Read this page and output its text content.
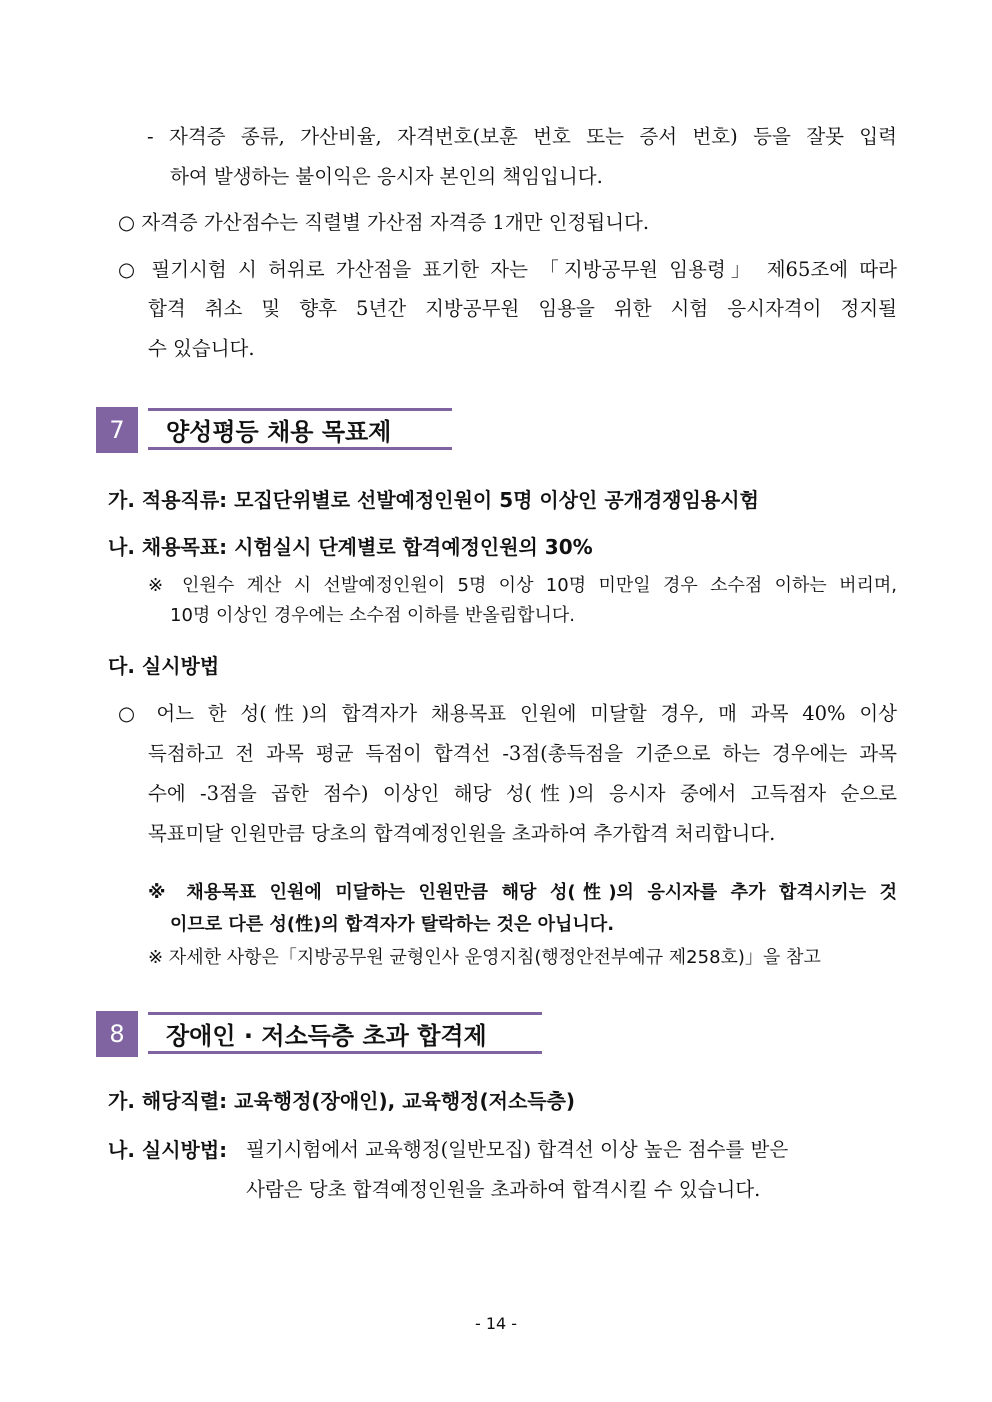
- 자격증 종류, 가산비율, 자격번호(보훈 번호 또는 증서 번호) 등을 잘못 입력
하여 발생하는 불이익은 응시자 본인의 책임입니다.
○ 자격증 가산점수는 직렬별 가산점 자격증 1개만 인정됩니다.
○ 필기시험 시 허위로 가산점을 표기한 자는 「지방공무원 임용령」 제65조에 따라
합격 취소 및 향후 5년간 지방공무원 임용을 위한 시험 응시자격이 정지될
수 있습니다.
7	양성평등 채용 목표제
가. 적용직류: 모집단위별로 선발예정인원이 5명 이상인 공개경쟁임용시험
나. 채용목표: 시험실시 단계별로 합격예정인원의 30%
※ 인원수 계산 시 선발예정인원이 5명 이상 10명 미만일 경우 소수점 이하는 버리며,
10명 이상인 경우에는 소수점 이하를 반올림합니다.
다. 실시방법
○ 어느 한 성(性)의 합격자가 채용목표 인원에 미달할 경우, 매 과목 40% 이상
득점하고 전 과목 평균 득점이 합격선 -3점(총득점을 기준으로 하는 경우에는 과목
수에 -3점을 곱한 점수) 이상인 해당 성(性)의 응시자 중에서 고득점자 순으로
목표미달 인원만큼 당초의 합격예정인원을 초과하여 추가합격 처리합니다.
※ 채용목표 인원에 미달하는 인원만큼 해당 성(性)의 응시자를 추가 합격시키는 것
이므로 다른 성(性)의 합격자가 탈락하는 것은 아닙니다.
※ 자세한 사항은「지방공무원 균형인사 운영지침(행정안전부예규 제258호)」을 참고
8	장애인 · 저소득층 초과 합격제
가. 해당직렬: 교육행정(장애인), 교육행정(저소득층)
나. 실시방법: 필기시험에서 교육행정(일반모집) 합격선 이상 높은 점수를 받은
사람은 당초 합격예정인원을 초과하여 합격시킬 수 있습니다.
- 14 -
